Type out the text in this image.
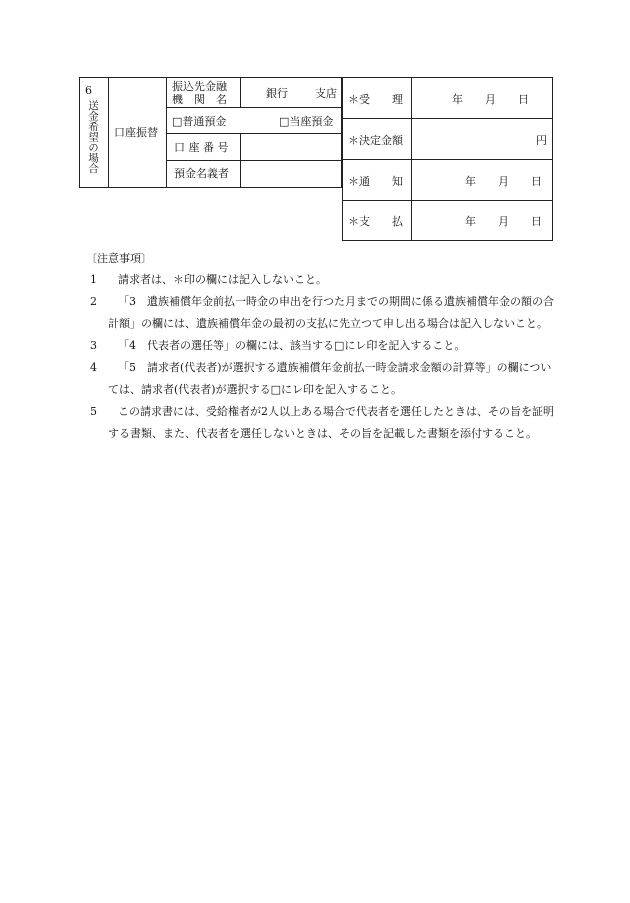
6
送金希望の場合 口座振替
振込先金融
機　関　名	銀行 支店
□普通預金	□当座預金
口 座 番 号
預金名義者
＊受　　理	年　　月　　日
＊決定金額	円
＊通　　知	年　　月　　日
＊支　　払	年　　月　　日
〔注意事項〕
1 請求者は、＊印の欄には記入しないこと。
2 「3　遺族補償年金前払一時金の申出を行つた月までの期間に係る遺族補償年金の額の合計額」の欄には、遺族補償年金の最初の支払に先立つて申し出る場合は記入しないこと。
3 「4　代表者の選任等」の欄には、該当する□にレ印を記入すること。
4 「5　請求者(代表者)が選択する遺族補償年金前払一時金請求金額の計算等」の欄については、請求者(代表者)が選択する□にレ印を記入すること。
5 この請求書には、受給権者が2人以上ある場合で代表者を選任したときは、その旨を証明する書類、また、代表者を選任しないときは、その旨を記載した書類を添付すること。
